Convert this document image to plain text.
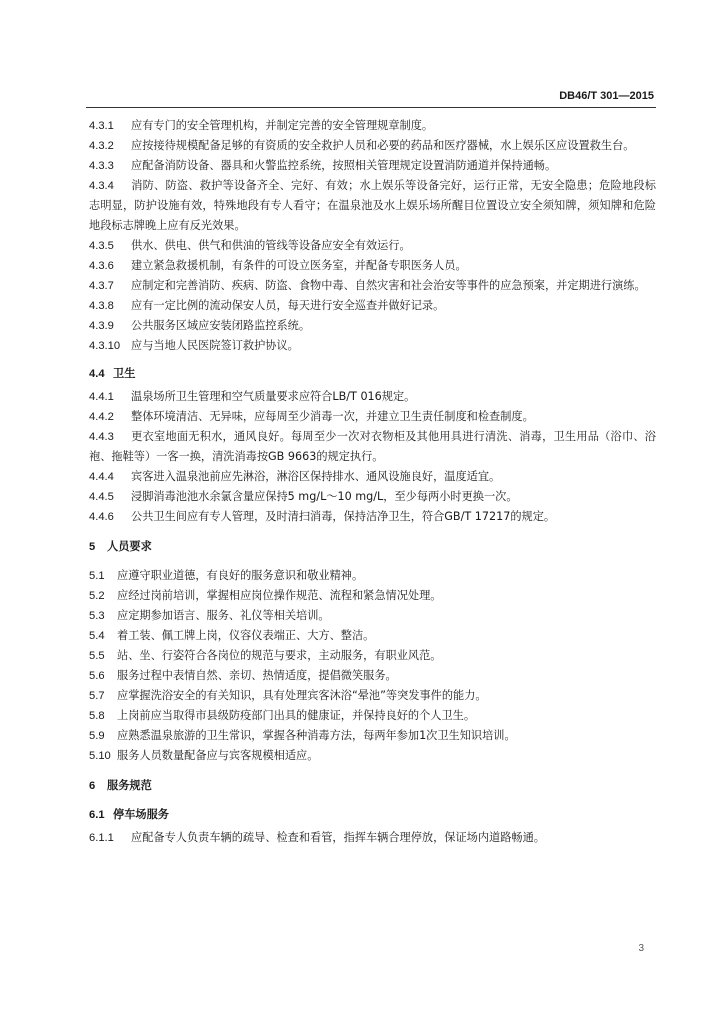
DB46/T 301—2015
4.3.1 应有专门的安全管理机构，并制定完善的安全管理规章制度。
4.3.2 应按接待规模配备足够的有资质的安全救护人员和必要的药品和医疗器械，水上娱乐区应设置救生台。
4.3.3 应配备消防设备、器具和火警监控系统，按照相关管理规定设置消防通道并保持通畅。
4.3.4 消防、防盗、救护等设备齐全、完好、有效；水上娱乐等设备完好，运行正常，无安全隐患；危险地段标志明显，防护设施有效，特殊地段有专人看守；在温泉池及水上娱乐场所醒目位置设立安全须知牌，须知牌和危险地段标志牌晚上应有反光效果。
4.3.5 供水、供电、供气和供油的管线等设备应安全有效运行。
4.3.6 建立紧急救援机制，有条件的可设立医务室，并配备专职医务人员。
4.3.7 应制定和完善消防、疾病、防盗、食物中毒、自然灾害和社会治安等事件的应急预案，并定期进行演练。
4.3.8 应有一定比例的流动保安人员，每天进行安全巡查并做好记录。
4.3.9 公共服务区域应安装闭路监控系统。
4.3.10 应与当地人民医院签订救护协议。
4.4 卫生
4.4.1 温泉场所卫生管理和空气质量要求应符合LB/T 016规定。
4.4.2 整体环境清洁、无异味，应每周至少消毒一次，并建立卫生责任制度和检查制度。
4.4.3 更衣室地面无积水，通风良好。每周至少一次对衣物柜及其他用具进行清洗、消毒，卫生用品（浴巾、浴袍、拖鞋等）一客一换，清洗消毒按GB 9663的规定执行。
4.4.4 宾客进入温泉池前应先淋浴，淋浴区保持排水、通风设施良好，温度适宜。
4.4.5 浸脚消毒池池水余氯含量应保持5 mg/L～10 mg/L，至少每两小时更换一次。
4.4.6 公共卫生间应有专人管理，及时清扫消毒，保持洁净卫生，符合GB/T 17217的规定。
5 人员要求
5.1 应遵守职业道德，有良好的服务意识和敬业精神。
5.2 应经过岗前培训，掌握相应岗位操作规范、流程和紧急情况处理。
5.3 应定期参加语言、服务、礼仪等相关培训。
5.4 着工装、佩工牌上岗，仪容仪表端正、大方、整洁。
5.5 站、坐、行姿符合各岗位的规范与要求，主动服务，有职业风范。
5.6 服务过程中表情自然、亲切、热情适度，提倡微笑服务。
5.7 应掌握洗浴安全的有关知识，具有处理宾客沐浴“晕池”等突发事件的能力。
5.8 上岗前应当取得市县级防疫部门出具的健康证，并保持良好的个人卫生。
5.9 应熟悉温泉旅游的卫生常识，掌握各种消毒方法，每两年参加1次卫生知识培训。
5.10 服务人员数量配备应与宾客规模相适应。
6 服务规范
6.1 停车场服务
6.1.1 应配备专人负责车辆的疏导、检查和看管，指挥车辆合理停放，保证场内道路畅通。
3
